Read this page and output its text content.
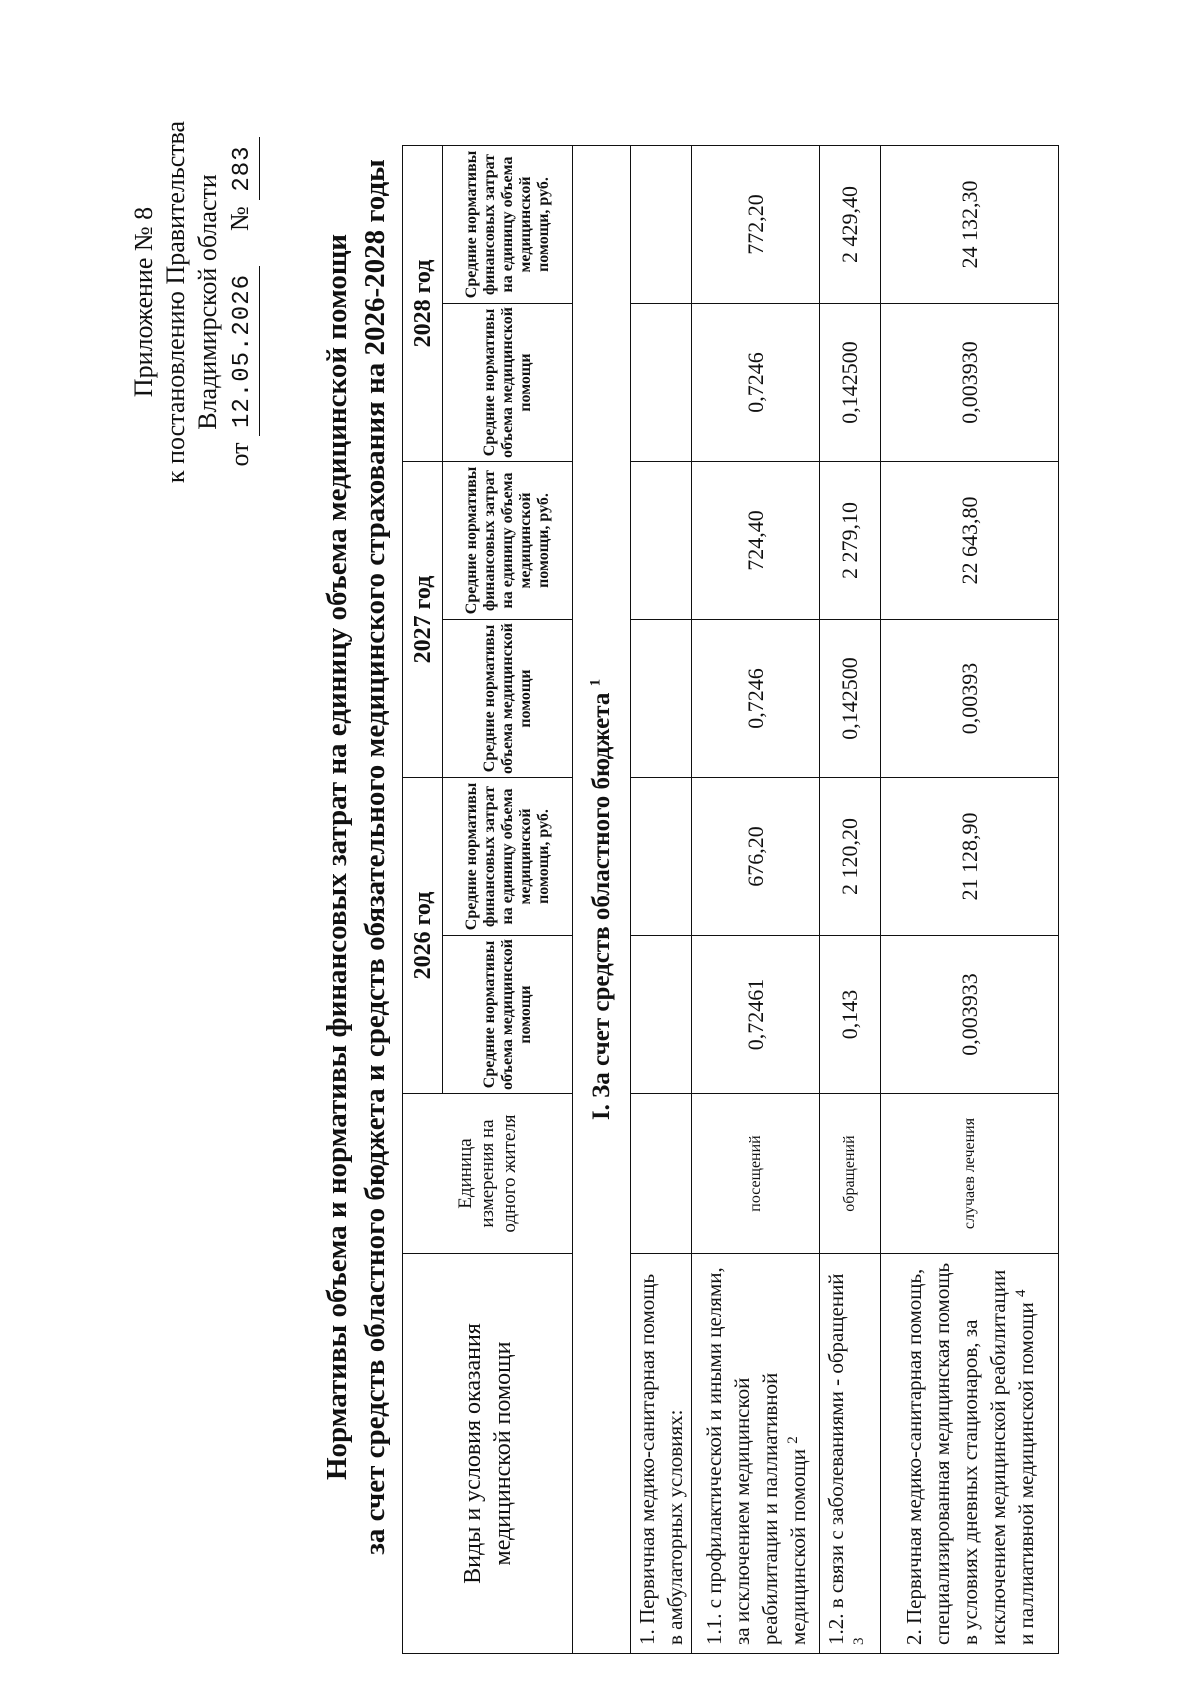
Приложение № 8 к постановлению Правительства Владимирской области
от 12.05.2026  № 283
Нормативы объема и нормативы финансовых затрат на единицу объема медицинской помощи за счет средств областного бюджета и средств обязательного медицинского страхования на 2026-2028 годы	Виды и условия оказания медицинской помощи	Единица измерения на одного жителя	2026 год		2027 год		2028 год	
		Средние нормативы объема медицинской помощи	Средние нормативы финансовых затрат на единицу объема медицинской помощи, руб.	Средние нормативы объема медицинской помощи	Средние нормативы финансовых затрат на единицу объема медицинской помощи, руб.	Средние нормативы объема медицинской помощи	Средние нормативы финансовых затрат на единицу объема медицинской помощи, руб.
I. За счет средств областного бюджета $^1$
1. Первичная медико-санитарная помощь в амбулаторных условиях:							
1.1. с профилактической и иными целями, за исключением медицинской реабилитации и паллиативной медицинской помощи $^2$	посещений	0,72461	676,20	0,7246	724,40	0,7246	772,20
1.2. в связи с заболеваниями - обращений $^3$	обращений	0,143	2 120,20	0,142500	2 279,10	0,142500	2 429,40
2. Первичная медико-санитарная помощь, специализированная медицинская помощь в условиях дневных стационаров, за исключением медицинской реабилитации и паллиативной медицинской помощи $^4$	случаев лечения	0,003933	21 128,90	0,00393	22 643,80	0,003930	24 132,30
